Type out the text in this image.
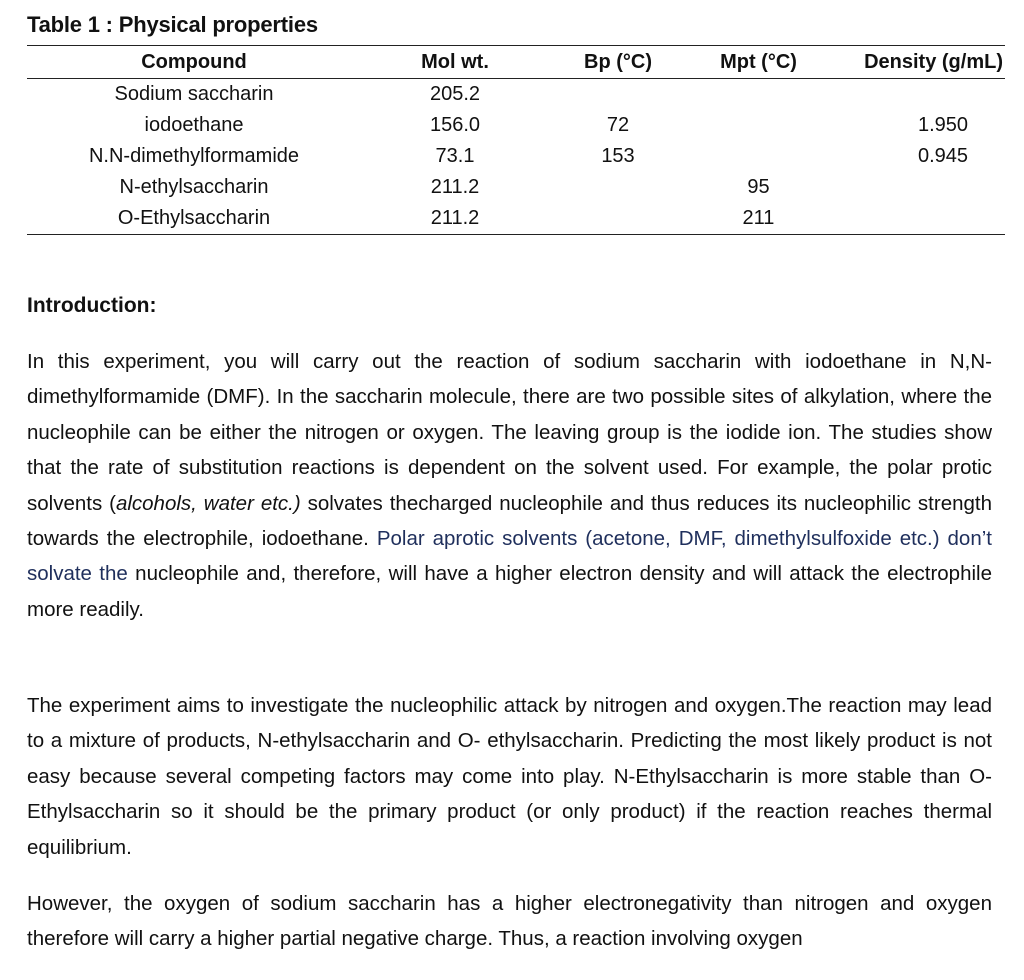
Table 1 : Physical properties
Compound	Mol wt.	Bp (°C)	Mpt (°C)	Density (g/mL)
Sodium saccharin	205.2			
iodoethane	156.0	72		1.950
N.N-dimethylformamide	73.1	153		0.945
N-ethylsaccharin	211.2		95	
O-Ethylsaccharin	211.2		211	
Introduction:

In this experiment, you will carry out the reaction of sodium saccharin with iodoethane in N,N-dimethylformamide (DMF). In the saccharin molecule, there are two possible sites of alkylation, where the nucleophile can be either the nitrogen or oxygen. The leaving group is the iodide ion. The studies show that the rate of substitution reactions is dependent on the solvent used. For example, the polar protic solvents (alcohols, water etc.) solvates thecharged nucleophile and thus reduces its nucleophilic strength towards the electrophile, iodoethane. Polar aprotic solvents (acetone, DMF, dimethylsulfoxide etc.) don’t solvate the nucleophile and, therefore, will have a higher electron density and will attack the electrophile more readily.

The experiment aims to investigate the nucleophilic attack by nitrogen and oxygen.The reaction may lead to a mixture of products, N-ethylsaccharin and O- ethylsaccharin. Predicting the most likely product is not easy because several competing factors may come into play. N-Ethylsaccharin is more stable than O-Ethylsaccharin so it should be the primary product (or only product) if the reaction reaches thermal equilibrium.

However, the oxygen of sodium saccharin has a higher electronegativity than nitrogen and oxygen therefore will carry a higher partial negative charge. Thus, a reaction involving oxygen
